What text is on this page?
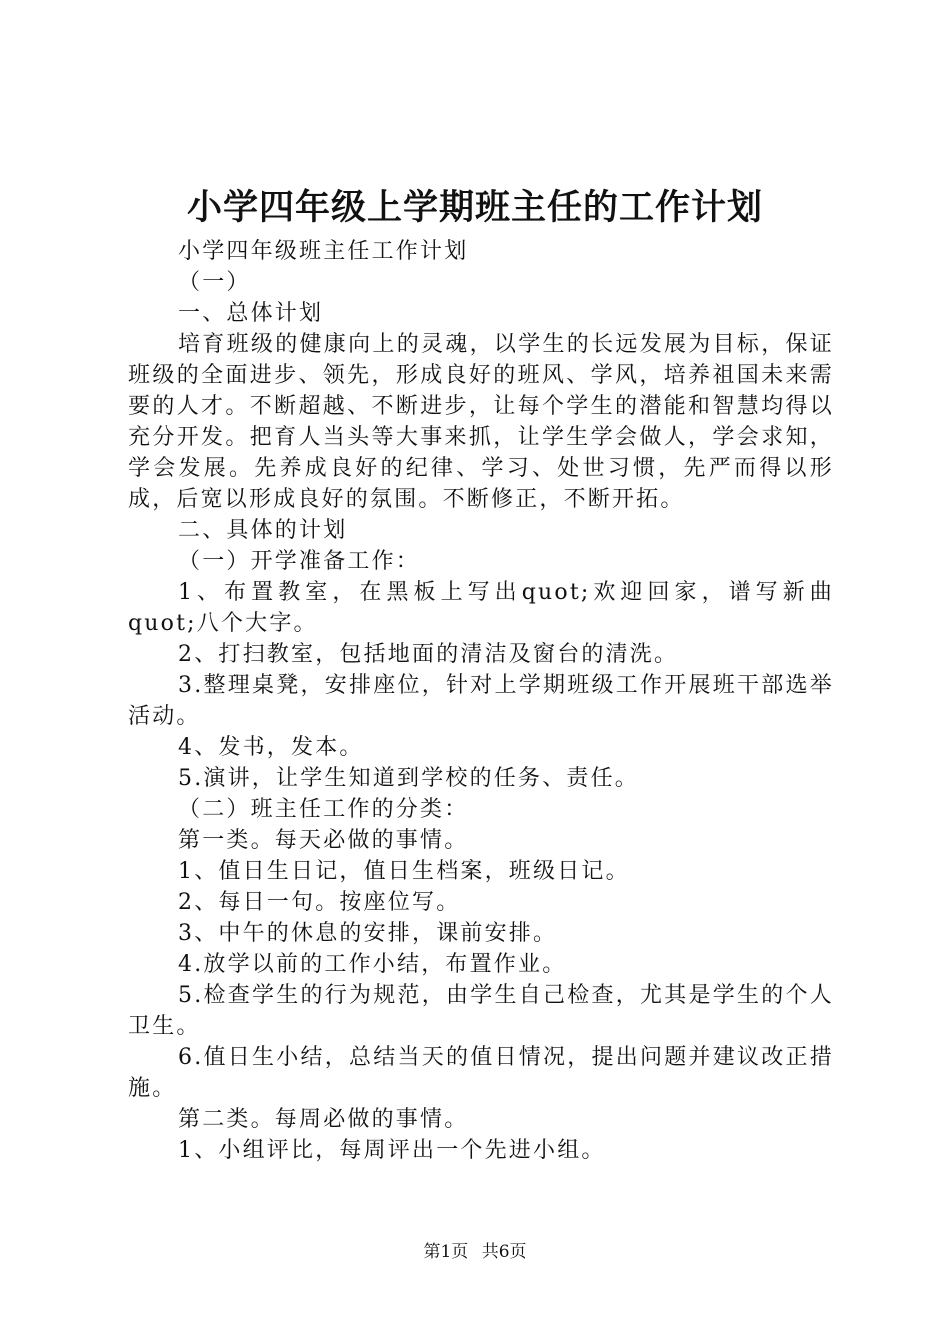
小学四年级上学期班主任的工作计划

小学四年级班主任工作计划

（一）

一、总体计划

培育班级的健康向上的灵魂，以学生的长远发展为目标，保证班级的全面进步、领先，形成良好的班风、学风，培养祖国未来需要的人才。不断超越、不断进步，让每个学生的潜能和智慧均得以充分开发。把育人当头等大事来抓，让学生学会做人，学会求知，学会发展。先养成良好的纪律、学习、处世习惯，先严而得以形成，后宽以形成良好的氛围。不断修正，不断开拓。

二、具体的计划

（一）开学准备工作：

1、布置教室，在黑板上写出quot;欢迎回家，谱写新曲quot;八个大字。

2、打扫教室，包括地面的清洁及窗台的清洗。

3.整理桌凳，安排座位，针对上学期班级工作开展班干部选举活动。

4、发书，发本。

5.演讲，让学生知道到学校的任务、责任。

（二）班主任工作的分类：

第一类。每天必做的事情。

1、值日生日记，值日生档案，班级日记。

2、每日一句。按座位写。

3、中午的休息的安排，课前安排。

4.放学以前的工作小结，布置作业。

5.检查学生的行为规范，由学生自己检查，尤其是学生的个人卫生。

6.值日生小结，总结当天的值日情况，提出问题并建议改正措施。

第二类。每周必做的事情。

1、小组评比，每周评出一个先进小组。

第1页 共6页
